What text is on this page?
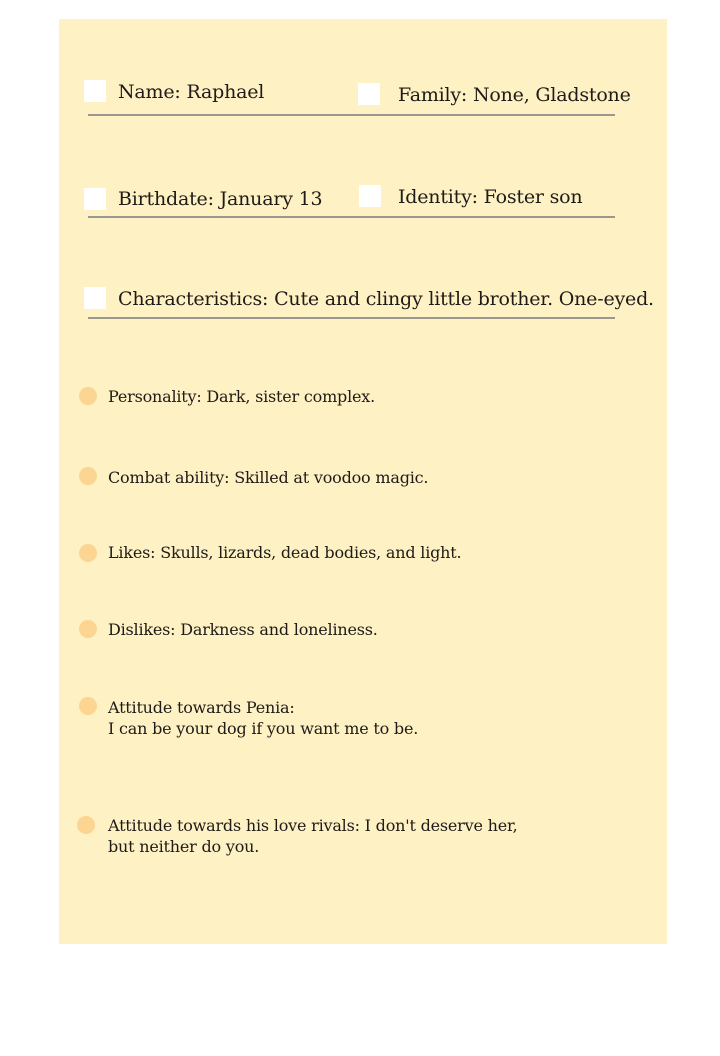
Name: Raphael	Family: None, Gladstone
Birthdate: January 13	Identity: Foster son
Characteristics: Cute and clingy little brother. One-eyed.
Personality: Dark, sister complex.
Combat ability: Skilled at voodoo magic.
Likes: Skulls, lizards, dead bodies, and light.
Dislikes: Darkness and loneliness.
Attitude towards Penia:
I can be your dog if you want me to be.
Attitude towards his love rivals: I don't deserve her,
but neither do you.
